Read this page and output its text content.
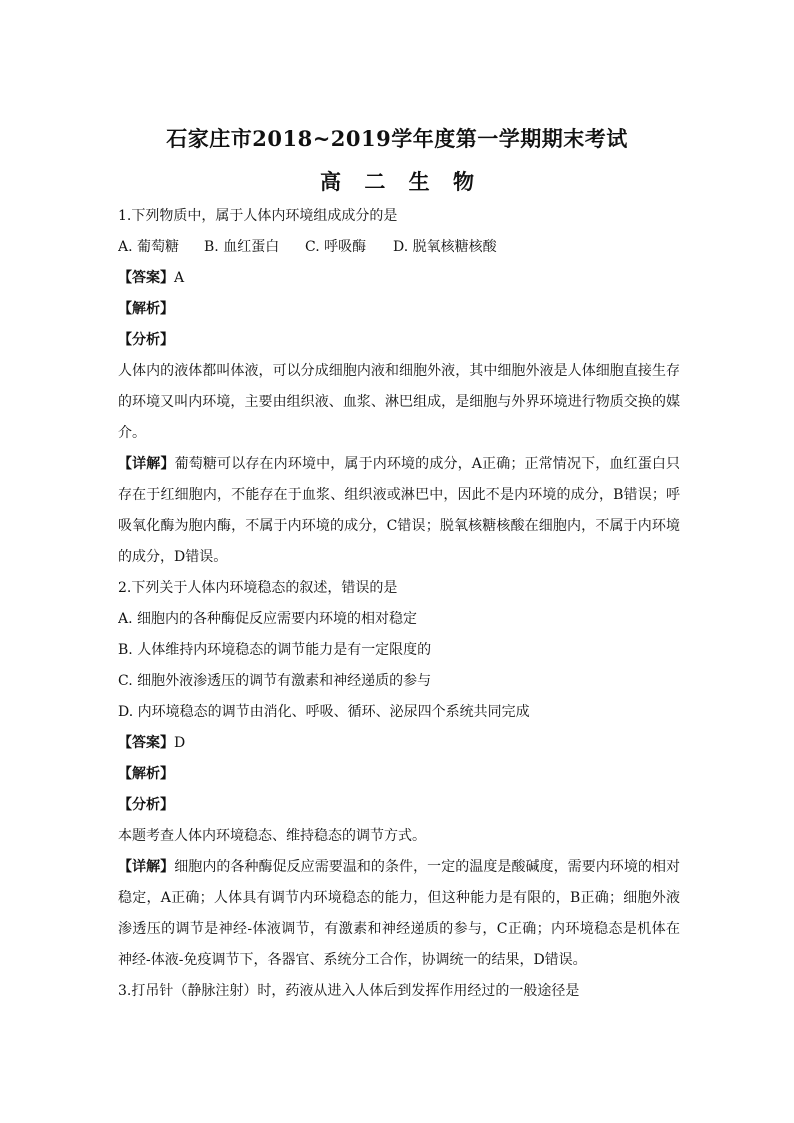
石家庄市2018~2019学年度第一学期期末考试
高 二 生 物
1.下列物质中，属于人体内环境组成成分的是
A. 葡萄糖 B. 血红蛋白 C. 呼吸酶 D. 脱氧核糖核酸
【答案】A
【解析】
【分析】
人体内的液体都叫体液，可以分成细胞内液和细胞外液，其中细胞外液是人体细胞直接生存
的环境又叫内环境，主要由组织液、血浆、淋巴组成，是细胞与外界环境进行物质交换的媒
介。
【详解】葡萄糖可以存在内环境中，属于内环境的成分，A正确；正常情况下，血红蛋白只
存在于红细胞内，不能存在于血浆、组织液或淋巴中，因此不是内环境的成分，B错误；呼
吸氧化酶为胞内酶，不属于内环境的成分，C错误；脱氧核糖核酸在细胞内，不属于内环境
的成分，D错误。
2.下列关于人体内环境稳态的叙述，错误的是
A. 细胞内的各种酶促反应需要内环境的相对稳定
B. 人体维持内环境稳态的调节能力是有一定限度的
C. 细胞外液渗透压的调节有激素和神经递质的参与
D. 内环境稳态的调节由消化、呼吸、循环、泌尿四个系统共同完成
【答案】D
【解析】
【分析】
本题考查人体内环境稳态、维持稳态的调节方式。
【详解】细胞内的各种酶促反应需要温和的条件，一定的温度是酸碱度，需要内环境的相对
稳定，A正确；人体具有调节内环境稳态的能力，但这种能力是有限的，B正确；细胞外液
渗透压的调节是神经-体液调节，有激素和神经递质的参与，C正确；内环境稳态是机体在
神经-体液-免疫调节下，各器官、系统分工合作，协调统一的结果，D错误。
3.打吊针（静脉注射）时，药液从进入人体后到发挥作用经过的一般途径是
